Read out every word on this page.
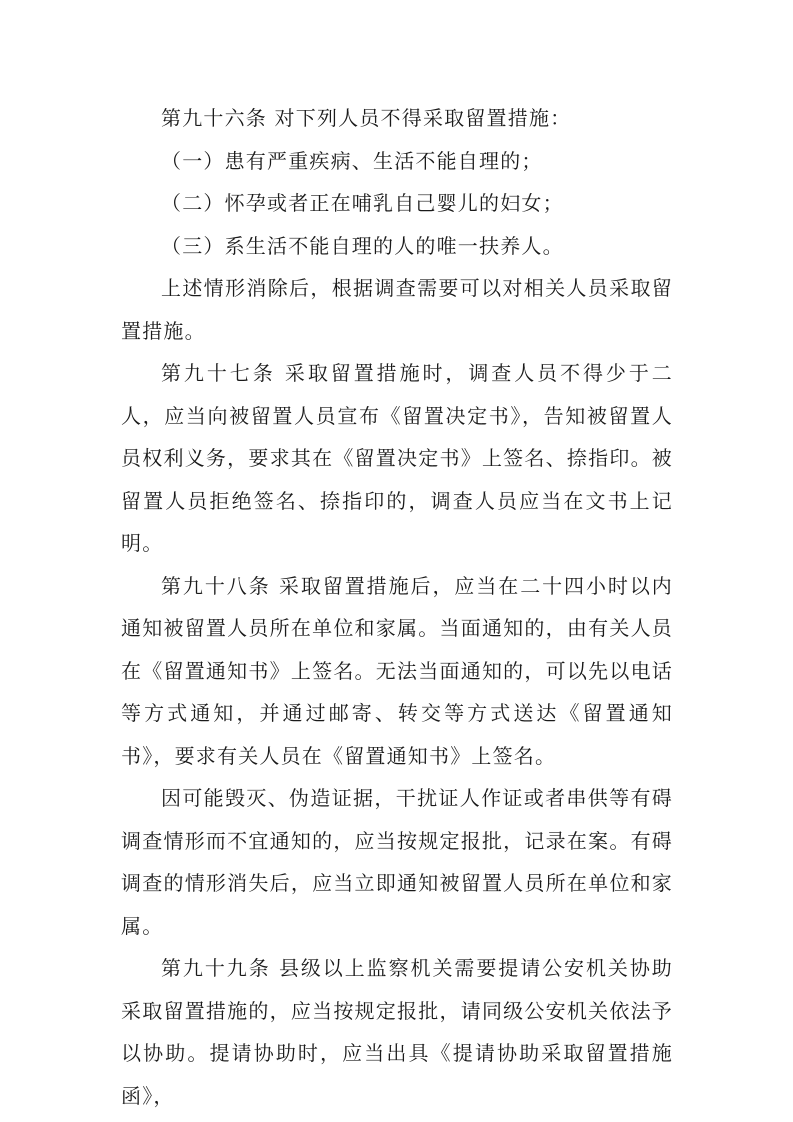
第九十六条 对下列人员不得采取留置措施：

（一）患有严重疾病、生活不能自理的；

（二）怀孕或者正在哺乳自己婴儿的妇女；

（三）系生活不能自理的人的唯一扶养人。

上述情形消除后，根据调查需要可以对相关人员采取留置措施。

第九十七条 采取留置措施时，调查人员不得少于二人，应当向被留置人员宣布《留置决定书》，告知被留置人员权利义务，要求其在《留置决定书》上签名、捺指印。被留置人员拒绝签名、捺指印的，调查人员应当在文书上记明。

第九十八条 采取留置措施后，应当在二十四小时以内通知被留置人员所在单位和家属。当面通知的，由有关人员在《留置通知书》上签名。无法当面通知的，可以先以电话等方式通知，并通过邮寄、转交等方式送达《留置通知书》，要求有关人员在《留置通知书》上签名。

因可能毁灭、伪造证据，干扰证人作证或者串供等有碍调查情形而不宜通知的，应当按规定报批，记录在案。有碍调查的情形消失后，应当立即通知被留置人员所在单位和家属。

第九十九条 县级以上监察机关需要提请公安机关协助采取留置措施的，应当按规定报批，请同级公安机关依法予以协助。提请协助时，应当出具《提请协助采取留置措施函》，
